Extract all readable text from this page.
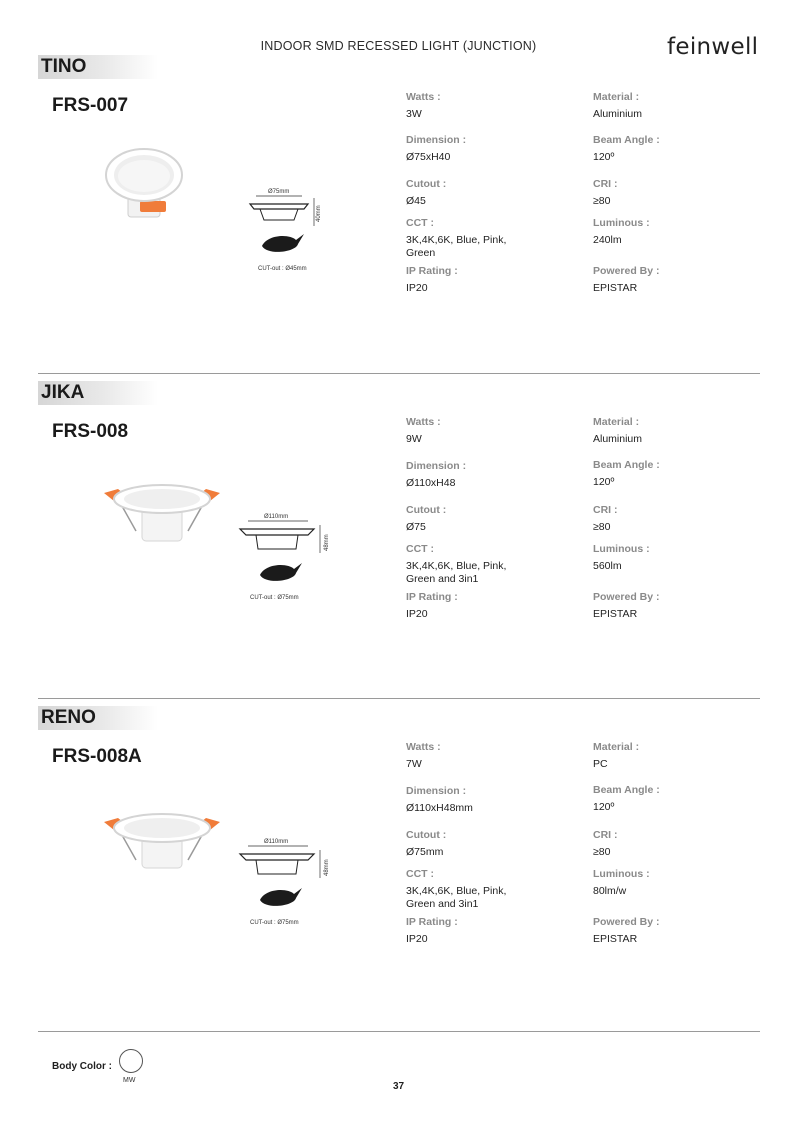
INDOOR SMD RECESSED LIGHT (JUNCTION)	feinwell
TINO
FRS-007
Ø75mm
40mm
CUT-out : Ø45mm
Watts :
3W
Material :
Aluminium
Dimension :
Ø75xH40
Beam Angle :
120º
Cutout :
Ø45
CRI :
≥80
CCT :
3K,4K,6K, Blue, Pink, Green
Luminous :
240lm
IP Rating :
IP20
Powered By :
EPISTAR
JIKA
FRS-008
Ø110mm
48mm
CUT-out : Ø75mm
Watts :
9W
Material :
Aluminium
Dimension :
Ø110xH48
Beam Angle :
120º
Cutout :
Ø75
CRI :
≥80
CCT :
3K,4K,6K, Blue, Pink, Green and 3in1
Luminous :
560lm
IP Rating :
IP20
Powered By :
EPISTAR
RENO
FRS-008A
Ø110mm
48mm
CUT-out : Ø75mm
Watts :
7W
Material :
PC
Dimension :
Ø110xH48mm
Beam Angle :
120º
Cutout :
Ø75mm
CRI :
≥80
CCT :
3K,4K,6K, Blue, Pink, Green and 3in1
Luminous :
80lm/w
IP Rating :
IP20
Powered By :
EPISTAR
Body Color :
MW
37
